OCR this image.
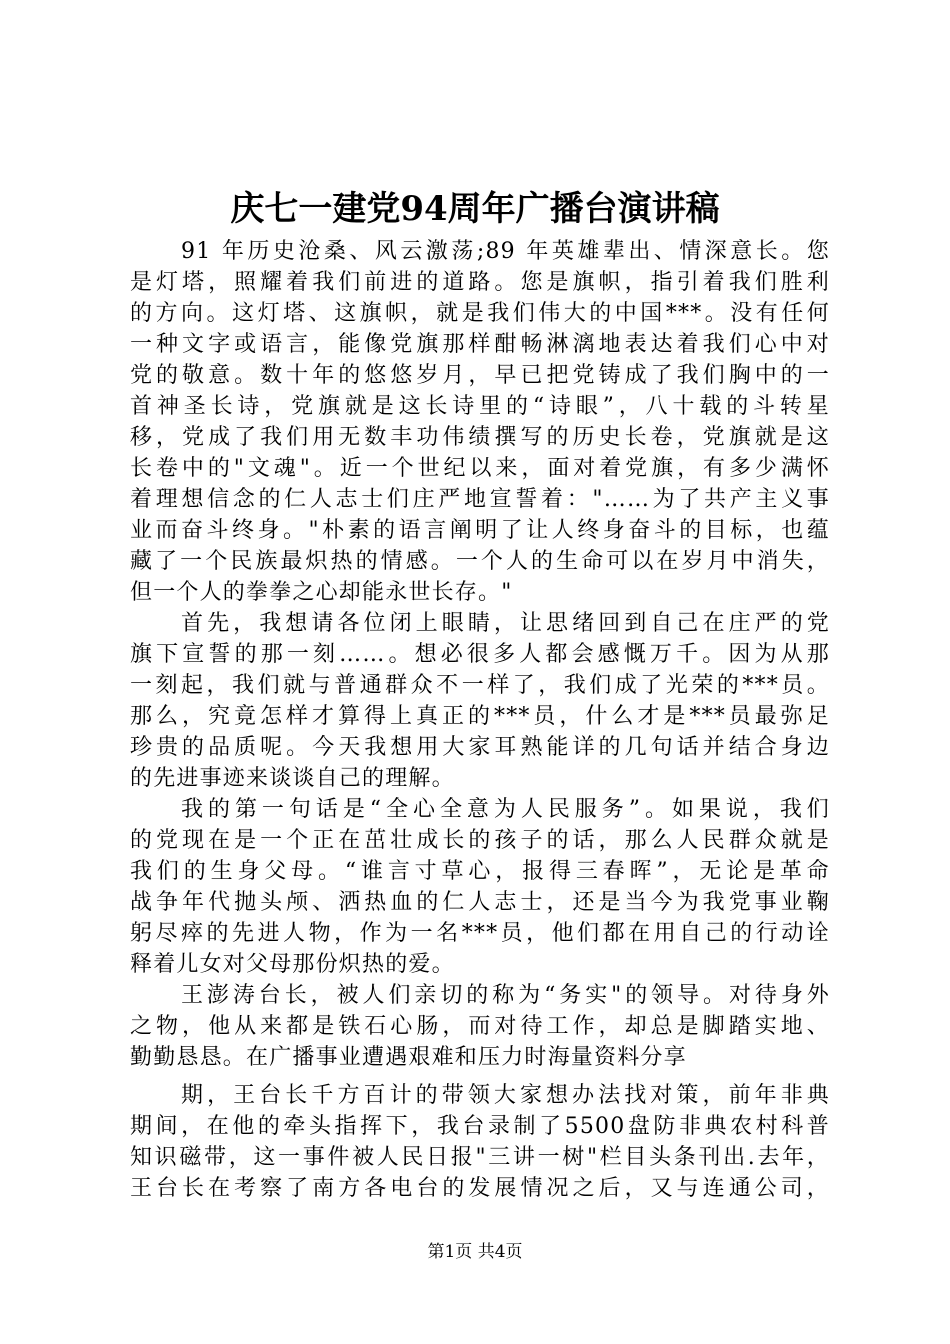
庆七一建党94周年广播台演讲稿
91 年历史沧桑、风云激荡;89 年英雄辈出、情深意长。您
是灯塔，照耀着我们前进的道路。您是旗帜，指引着我们胜利
的方向。这灯塔、这旗帜，就是我们伟大的中国***。没有任何
一种文字或语言，能像党旗那样酣畅淋漓地表达着我们心中对
党的敬意。数十年的悠悠岁月，早已把党铸成了我们胸中的一
首神圣长诗，党旗就是这长诗里的“诗眼”，八十载的斗转星
移，党成了我们用无数丰功伟绩撰写的历史长卷，党旗就是这
长卷中的"文魂"。近一个世纪以来，面对着党旗，有多少满怀
着理想信念的仁人志士们庄严地宣誓着："……为了共产主义事
业而奋斗终身。"朴素的语言阐明了让人终身奋斗的目标，也蕴
藏了一个民族最炽热的情感。一个人的生命可以在岁月中消失，
但一个人的拳拳之心却能永世长存。"
首先，我想请各位闭上眼睛，让思绪回到自己在庄严的党
旗下宣誓的那一刻……。想必很多人都会感慨万千。因为从那
一刻起，我们就与普通群众不一样了，我们成了光荣的***员。
那么，究竟怎样才算得上真正的***员，什么才是***员最弥足
珍贵的品质呢。今天我想用大家耳熟能详的几句话并结合身边
的先进事迹来谈谈自己的理解。
我的第一句话是“全心全意为人民服务”。如果说，我们
的党现在是一个正在茁壮成长的孩子的话，那么人民群众就是
我们的生身父母。“谁言寸草心，报得三春晖”，无论是革命
战争年代抛头颅、洒热血的仁人志士，还是当今为我党事业鞠
躬尽瘁的先进人物，作为一名***员，他们都在用自己的行动诠
释着儿女对父母那份炽热的爱。
王澎涛台长，被人们亲切的称为“务实"的领导。对待身外
之物，他从来都是铁石心肠，而对待工作，却总是脚踏实地、
勤勤恳恳。在广播事业遭遇艰难和压力时海量资料分享
期，王台长千方百计的带领大家想办法找对策，前年非典
期间，在他的牵头指挥下，我台录制了5500盘防非典农村科普
知识磁带，这一事件被人民日报"三讲一树"栏目头条刊出.去年，
王台长在考察了南方各电台的发展情况之后，又与连通公司，
第1页 共4页
